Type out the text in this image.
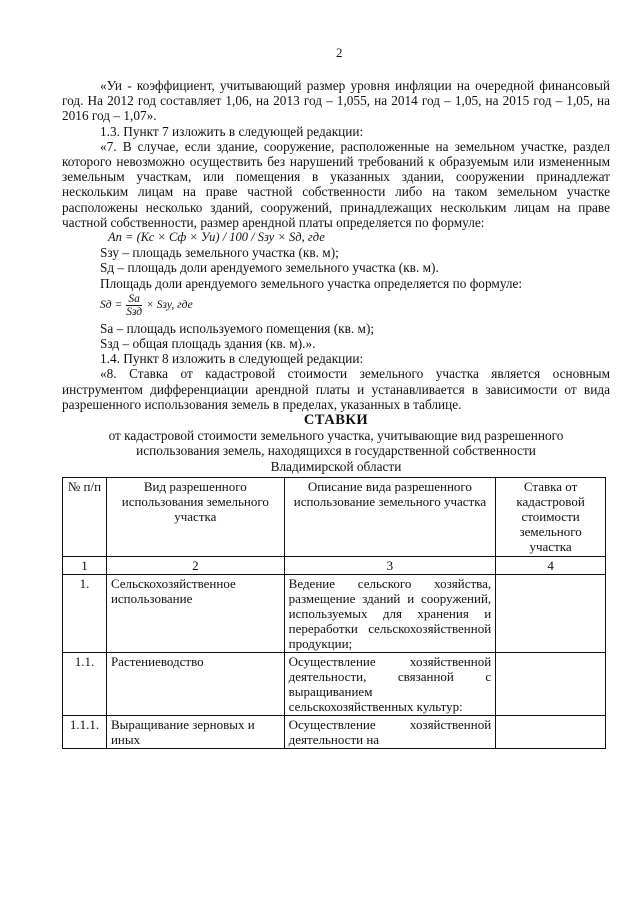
2

«Уи - коэффициент, учитывающий размер уровня инфляции на очередной финансовый год. На 2012 год составляет 1,06, на 2013 год – 1,055, на 2014 год – 1,05, на 2015 год – 1,05, на 2016 год – 1,07».

1.3. Пункт 7 изложить в следующей редакции:

«7. В случае, если здание, сооружение, расположенные на земельном участке, раздел которого невозможно осуществить без нарушений требований к образуемым или измененным земельным участкам, или помещения в указанных здании, сооружении принадлежат нескольким лицам на праве частной собственности либо на таком земельном участке расположены несколько зданий, сооружений, принадлежащих нескольким лицам на праве частной собственности, размер арендной платы определяется по формуле:

Ап = (Кс × Сф × Уи) / 100 / Sзу × Sд, где

Sзу – площадь земельного участка (кв. м);

Sд – площадь доли арендуемого земельного участка (кв. м).

Площадь доли арендуемого земельного участка определяется по формуле:

Sд = $\frac{Sa}{\text{Sзд}}$ × Sзу, где

Sa – площадь используемого помещения (кв. м);

Sзд – общая площадь здания (кв. м).».

1.4. Пункт 8 изложить в следующей редакции:

«8. Ставка от кадастровой стоимости земельного участка является основным инструментом дифференциации арендной платы и устанавливается в зависимости от вида разрешенного использования земель в пределах, указанных в таблице.

СТАВКИ

от кадастровой стоимости земельного участка, учитывающие вид разрешенного использования земель, находящихся в государственной собственности Владимирской области

№ п/п	Вид разрешенного использования земельного участка	Описание вида разрешенного использование земельного участка	Ставка от кадастровой стоимости земельного участка
1	2	3	4
1.	Сельскохозяйственное использование	Ведение сельского хозяйства, размещение зданий и сооружений, используемых для хранения и переработки сельскохозяйственной продукции;	
1.1.	Растениеводство	Осуществление хозяйственной деятельности, связанной с выращиванием сельскохозяйственных культур:	
1.1.1.	Выращивание зерновых и иных	Осуществление хозяйственной деятельности на	
